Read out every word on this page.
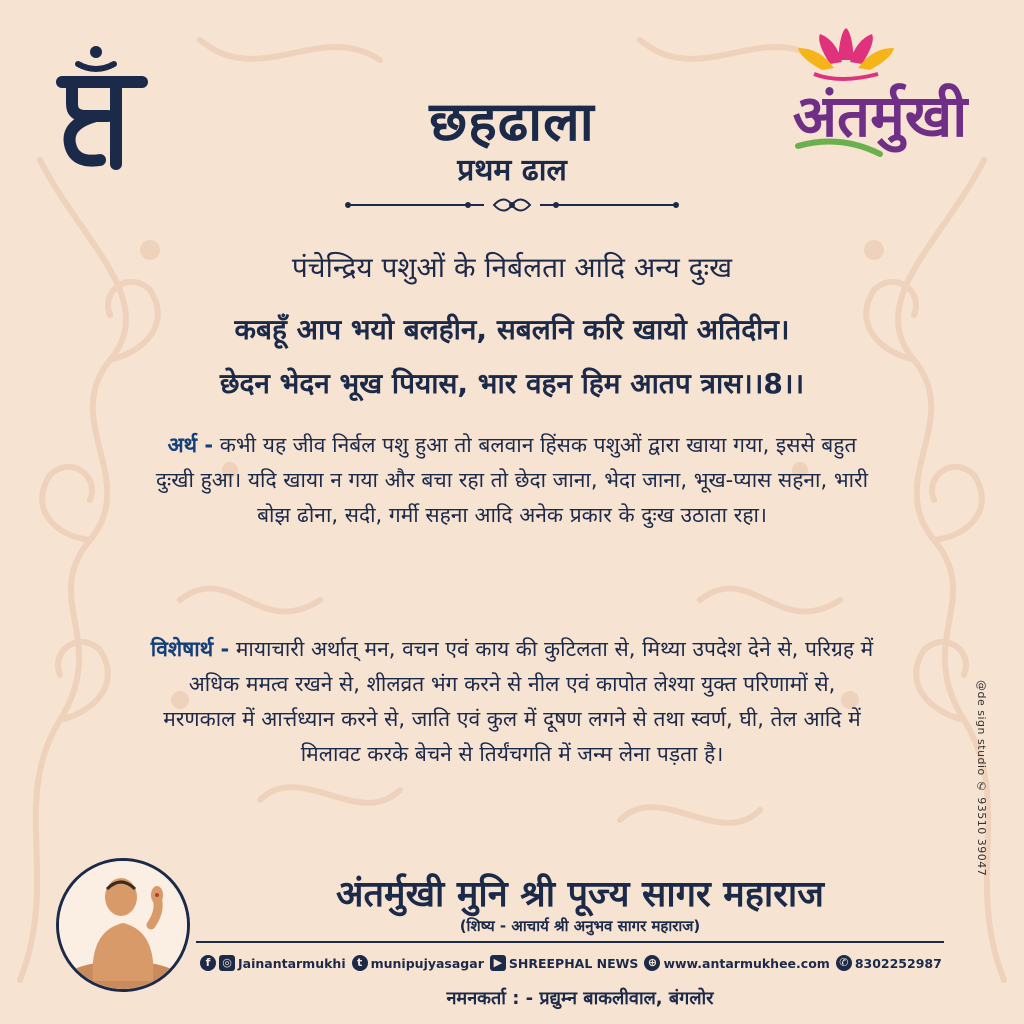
अंतर्मुखी
छहढाला
प्रथम ढाल
पंचेन्द्रिय पशुओं के निर्बलता आदि अन्य दुःख
कबहूँ आप भयो बलहीन, सबलनि करि खायो अतिदीन।
छेदन भेदन भूख पियास, भार वहन हिम आतप त्रास।।8।।
अर्थ - कभी यह जीव निर्बल पशु हुआ तो बलवान हिंसक पशुओं द्वारा खाया गया, इससे बहुत दुःखी हुआ। यदि खाया न गया और बचा रहा तो छेदा जाना, भेदा जाना, भूख-प्यास सहना, भारी बोझ ढोना, सदी, गर्मी सहना आदि अनेक प्रकार के दुःख उठाता रहा।
विशेषार्थ - मायाचारी अर्थात् मन, वचन एवं काय की कुटिलता से, मिथ्या उपदेश देने से, परिग्रह में अधिक ममत्व रखने से, शीलव्रत भंग करने से नील एवं कापोत लेश्या युक्त परिणामों से, मरणकाल में आर्त्तध्यान करने से, जाति एवं कुल में दूषण लगने से तथा स्वर्ण, घी, तेल आदि में मिलावट करके बेचने से तिर्यंचगति में जन्म लेना पड़ता है।	@de sign studio ✆ 93510 39047
अंतर्मुखी मुनि श्री पूज्य सागर महाराज
(शिष्य - आचार्य श्री अनुभव सागर महाराज)
f	◎ Jainantarmukhi	t munipujyasagar ▶ SHREEPHAL NEWS ⊕ www.antarmukhee.com ✆ 8302252987
नमनकर्ता : - प्रद्युम्न बाकलीवाल, बंगलोर
